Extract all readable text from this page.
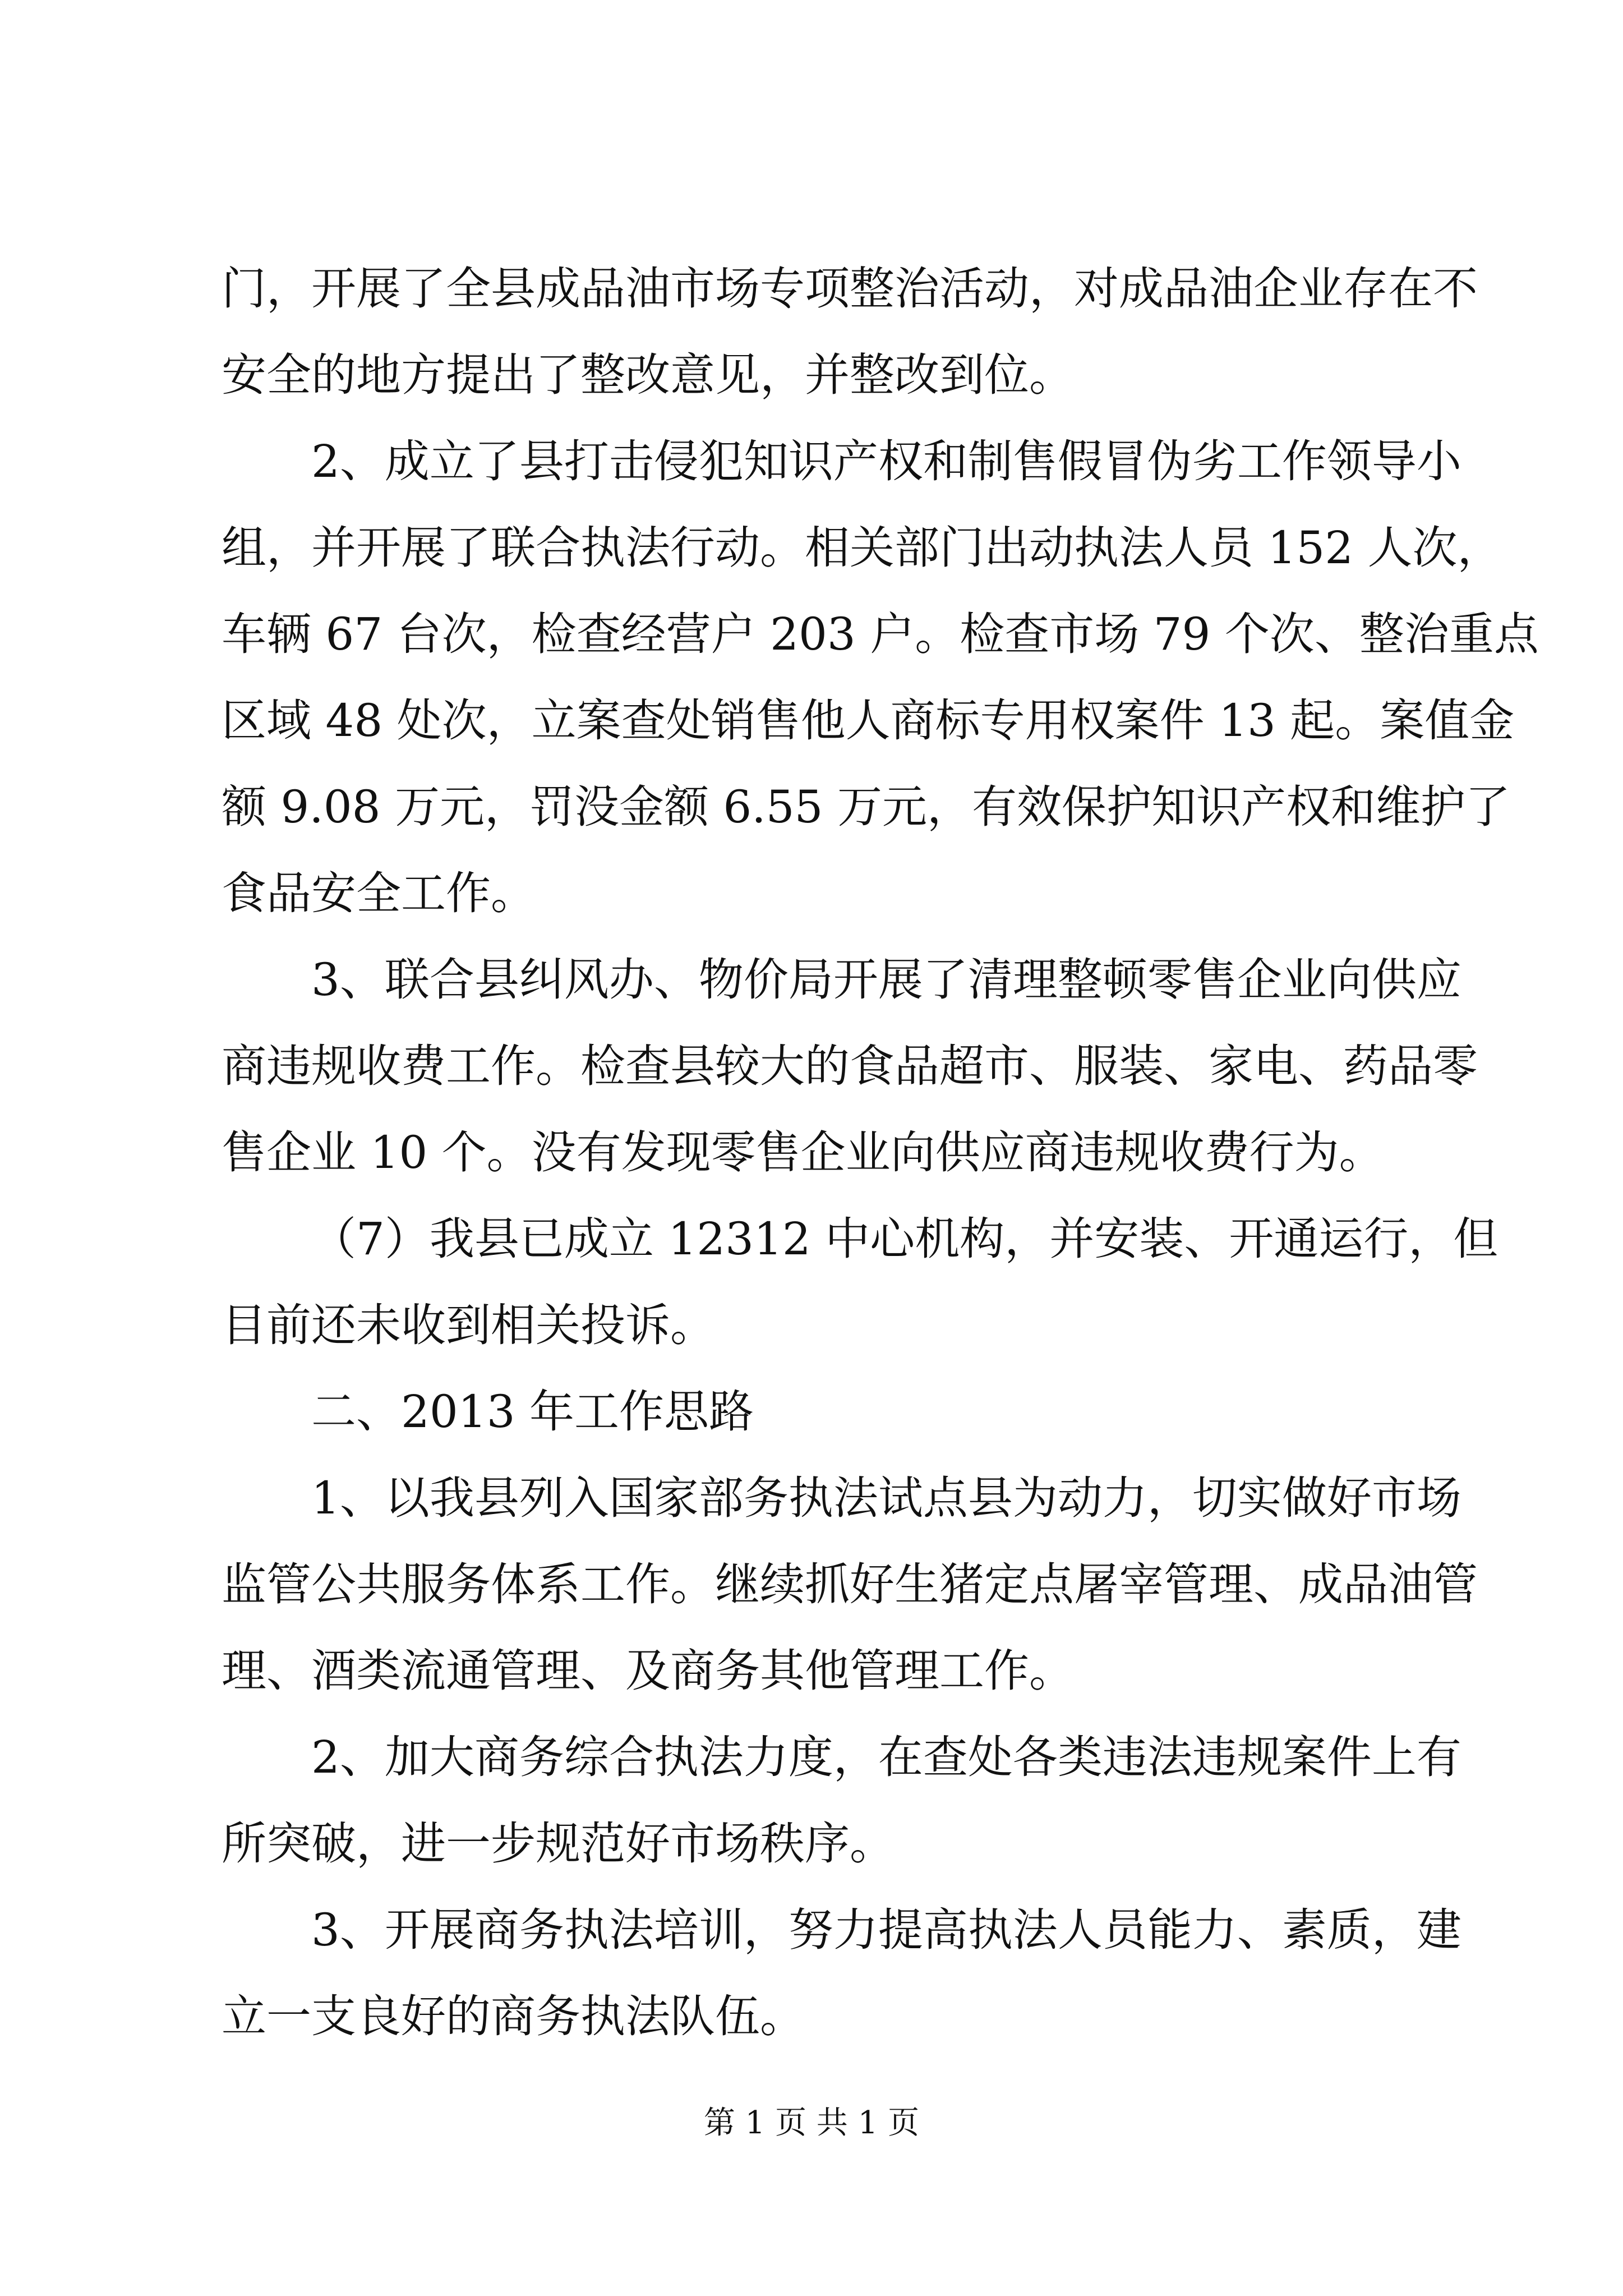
门，开展了全县成品油市场专项整治活动，对成品油企业存在不
安全的地方提出了整改意见，并整改到位。
2、成立了县打击侵犯知识产权和制售假冒伪劣工作领导小
组，并开展了联合执法行动。相关部门出动执法人员 152 人次，
车辆 67 台次，检查经营户 203 户。检查市场 79 个次、整治重点
区域 48 处次，立案查处销售他人商标专用权案件 13 起。案值金
额 9.08 万元，罚没金额 6.55 万元，有效保护知识产权和维护了
食品安全工作。
3、联合县纠风办、物价局开展了清理整顿零售企业向供应
商违规收费工作。检查县较大的食品超市、服装、家电、药品零
售企业 10 个。没有发现零售企业向供应商违规收费行为。
（7）我县已成立 12312 中心机构，并安装、开通运行，但
目前还未收到相关投诉。
二、2013 年工作思路
1、以我县列入国家部务执法试点县为动力，切实做好市场
监管公共服务体系工作。继续抓好生猪定点屠宰管理、成品油管
理、酒类流通管理、及商务其他管理工作。
2、加大商务综合执法力度，在查处各类违法违规案件上有
所突破，进一步规范好市场秩序。
3、开展商务执法培训，努力提高执法人员能力、素质，建
立一支良好的商务执法队伍。
第 1 页 共 1 页
